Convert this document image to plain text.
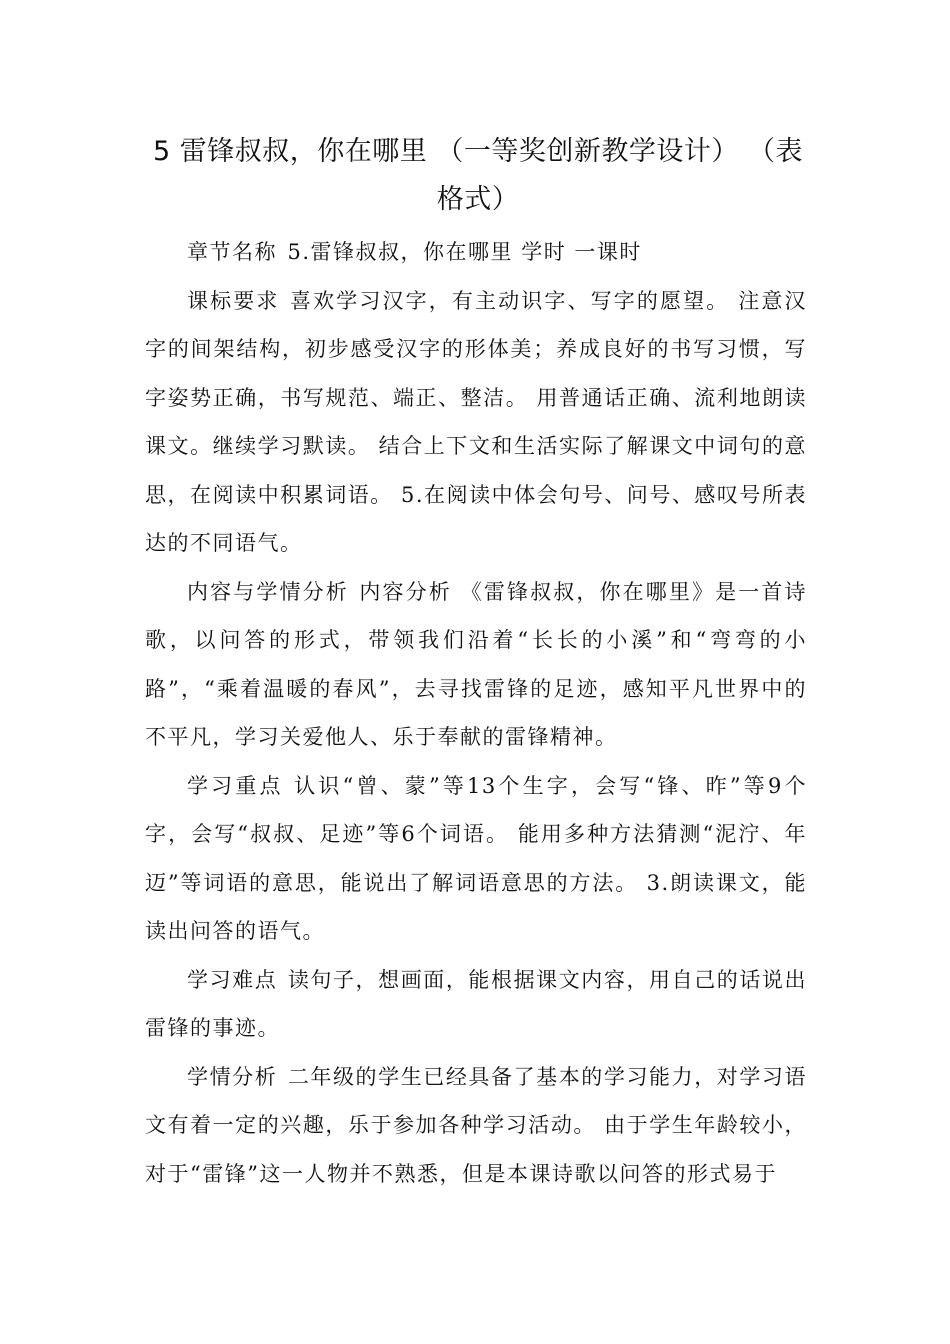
5 雷锋叔叔，你在哪里 （一等奖创新教学设计） （表格式）

章节名称 5.雷锋叔叔，你在哪里 学时 一课时

课标要求 喜欢学习汉字，有主动识字、写字的愿望。 注意汉字的间架结构，初步感受汉字的形体美；养成良好的书写习惯，写字姿势正确，书写规范、端正、整洁。 用普通话正确、流利地朗读课文。继续学习默读。 结合上下文和生活实际了解课文中词句的意思，在阅读中积累词语。 5.在阅读中体会句号、问号、感叹号所表达的不同语气。

内容与学情分析 内容分析 《雷锋叔叔，你在哪里》是一首诗歌，以问答的形式，带领我们沿着“长长的小溪”和“弯弯的小路”，“乘着温暖的春风”，去寻找雷锋的足迹，感知平凡世界中的不平凡，学习关爱他人、乐于奉献的雷锋精神。

学习重点 认识“曾、蒙”等13个生字，会写“锋、昨”等9个字，会写“叔叔、足迹”等6个词语。 能用多种方法猜测“泥泞、年迈”等词语的意思，能说出了解词语意思的方法。 3.朗读课文，能读出问答的语气。

学习难点 读句子，想画面，能根据课文内容，用自己的话说出雷锋的事迹。

学情分析 二年级的学生已经具备了基本的学习能力，对学习语文有着一定的兴趣，乐于参加各种学习活动。 由于学生年龄较小，对于“雷锋”这一人物并不熟悉，但是本课诗歌以问答的形式易于
